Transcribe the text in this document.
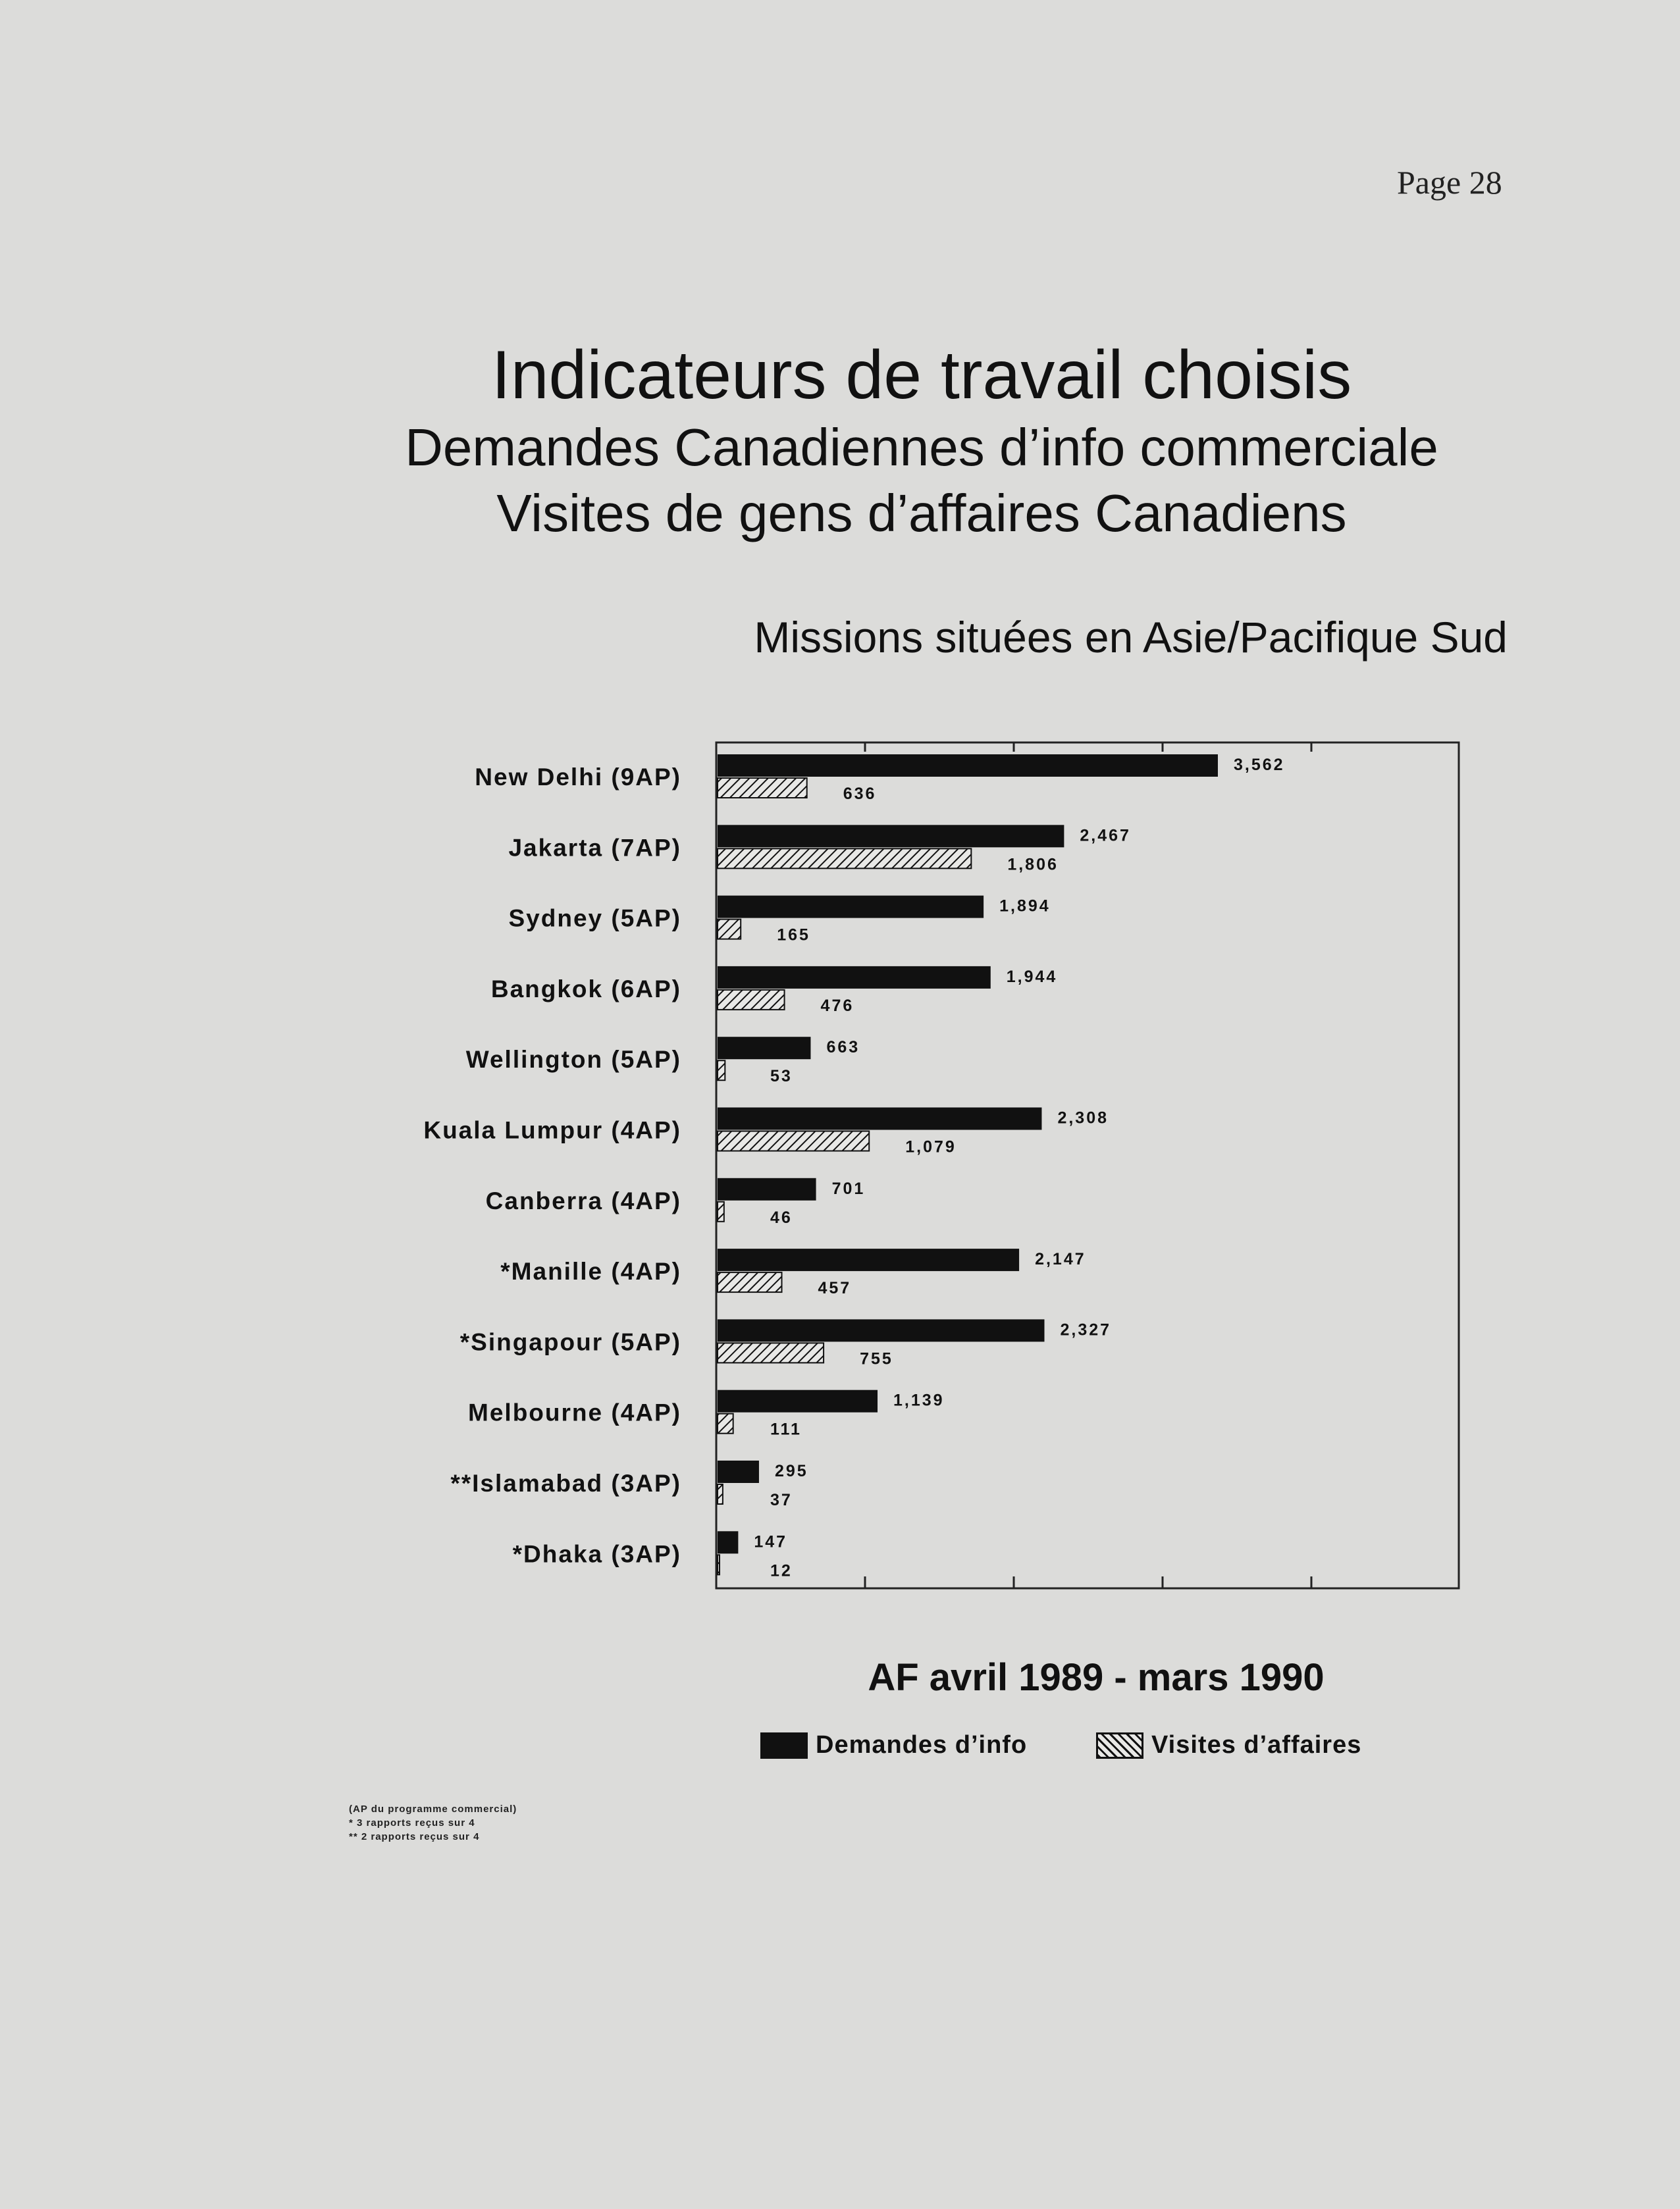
Page 28
Indicateurs de travail choisis
Demandes Canadiennes d’info commerciale
Visites de gens d’affaires Canadiens
Missions situées en Asie/Pacifique Sud
New Delhi (9AP)	3,562
636
Jakarta (7AP)	2,467
1,806
Sydney (5AP)	1,894
165
Bangkok (6AP)	1,944
476
Wellington (5AP)	663
53
Kuala Lumpur (4AP)	2,308
1,079
Canberra (4AP)	701
46
*Manille (4AP)	2,147
457
*Singapour (5AP)	2,327
755
Melbourne (4AP)	1,139
111
**Islamabad (3AP)	295
37
*Dhaka (3AP)	147
12
AF avril 1989 - mars 1990
Demandes d’info	Visites d’affaires
(AP du programme commercial)
* 3 rapports reçus sur 4
** 2 rapports reçus sur 4
